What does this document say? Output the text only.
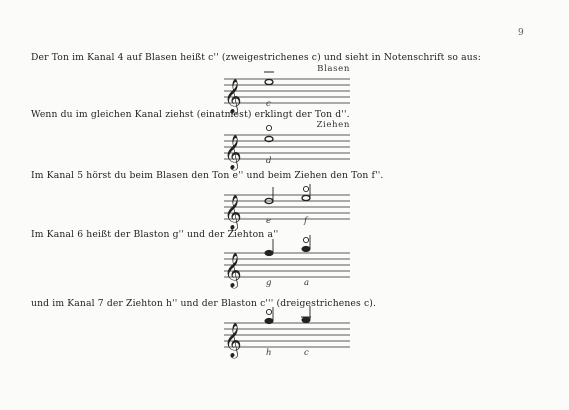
9
Der Ton im Kanal 4 auf Blasen heißt c'' (zweigestrichenes c) und sieht in Notenschrift so aus:
Blasen
𝄞	c
Wenn du im gleichen Kanal ziehst (einatmest) erklingt der Ton d''.
Ziehen
𝄞	d
Im Kanal 5 hörst du beim Blasen den Ton e'' und beim Ziehen den Ton f''.
𝄞	e	f
Im Kanal 6 heißt der Blaston g'' und der Ziehton a''
𝄞	g	a
und im Kanal 7 der Ziehton h'' und der Blaston c''' (dreigestrichenes c).
𝄞	h	c
